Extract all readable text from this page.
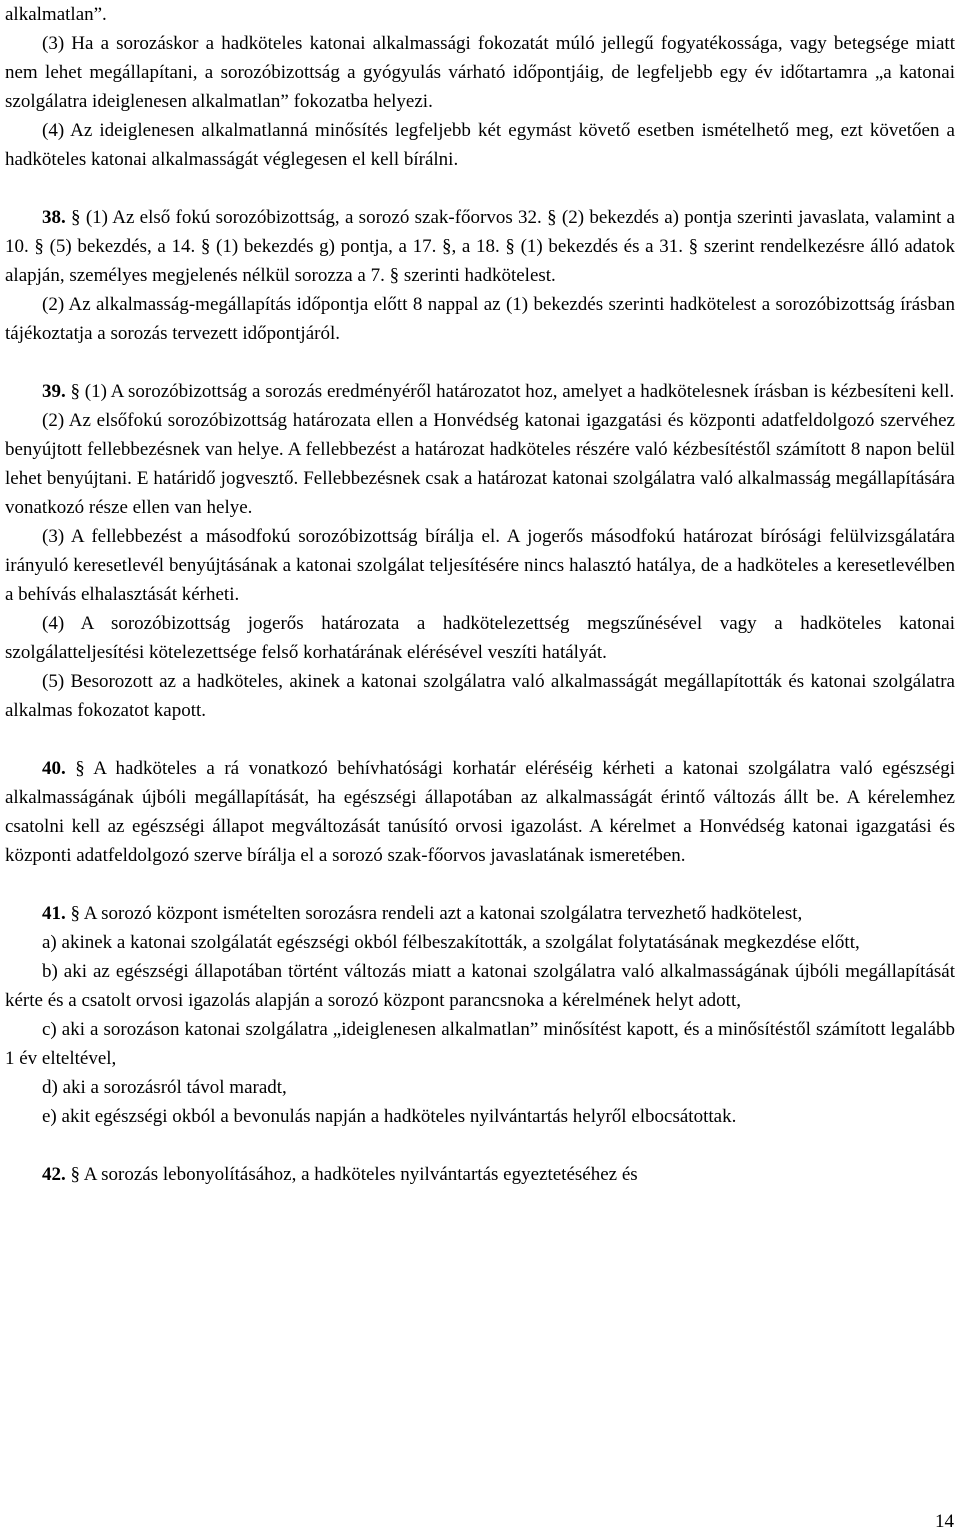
alkalmatlan”.

(3) Ha a sorozáskor a hadköteles katonai alkalmassági fokozatát múló jellegű fogyatékossága, vagy betegsége miatt nem lehet megállapítani, a sorozóbizottság a gyógyulás várható időpontjáig, de legfeljebb egy év időtartamra „a katonai szolgálatra ideiglenesen alkalmatlan” fokozatba helyezi.

(4) Az ideiglenesen alkalmatlanná minősítés legfeljebb két egymást követő esetben ismételhető meg, ezt követően a hadköteles katonai alkalmasságát véglegesen el kell bírálni.

38. § (1) Az első fokú sorozóbizottság, a sorozó szak-főorvos 32. § (2) bekezdés a) pontja szerinti javaslata, valamint a 10. § (5) bekezdés, a 14. § (1) bekezdés g) pontja, a 17. §, a 18. § (1) bekezdés és a 31. § szerint rendelkezésre álló adatok alapján, személyes megjelenés nélkül sorozza a 7. § szerinti hadkötelest.

(2) Az alkalmasság-megállapítás időpontja előtt 8 nappal az (1) bekezdés szerinti hadkötelest a sorozóbizottság írásban tájékoztatja a sorozás tervezett időpontjáról.

39. § (1) A sorozóbizottság a sorozás eredményéről határozatot hoz, amelyet a hadkötelesnek írásban is kézbesíteni kell.

(2) Az elsőfokú sorozóbizottság határozata ellen a Honvédség katonai igazgatási és központi adatfeldolgozó szervéhez benyújtott fellebbezésnek van helye. A fellebbezést a határozat hadköteles részére való kézbesítéstől számított 8 napon belül lehet benyújtani. E határidő jogvesztő. Fellebbezésnek csak a határozat katonai szolgálatra való alkalmasság megállapítására vonatkozó része ellen van helye.

(3) A fellebbezést a másodfokú sorozóbizottság bírálja el. A jogerős másodfokú határozat bírósági felülvizsgálatára irányuló keresetlevél benyújtásának a katonai szolgálat teljesítésére nincs halasztó hatálya, de a hadköteles a keresetlevélben a behívás elhalasztását kérheti.

(4) A sorozóbizottság jogerős határozata a hadkötelezettség megszűnésével vagy a hadköteles katonai szolgálatteljesítési kötelezettsége felső korhatárának elérésével veszíti hatályát.

(5) Besorozott az a hadköteles, akinek a katonai szolgálatra való alkalmasságát megállapították és katonai szolgálatra alkalmas fokozatot kapott.

40. § A hadköteles a rá vonatkozó behívhatósági korhatár eléréséig kérheti a katonai szolgálatra való egészségi alkalmasságának újbóli megállapítását, ha egészségi állapotában az alkalmasságát érintő változás állt be. A kérelemhez csatolni kell az egészségi állapot megváltozását tanúsító orvosi igazolást. A kérelmet a Honvédség katonai igazgatási és központi adatfeldolgozó szerve bírálja el a sorozó szak-főorvos javaslatának ismeretében.

41. § A sorozó központ ismételten sorozásra rendeli azt a katonai szolgálatra tervezhető hadkötelest,

a) akinek a katonai szolgálatát egészségi okból félbeszakították, a szolgálat folytatásának megkezdése előtt,

b) aki az egészségi állapotában történt változás miatt a katonai szolgálatra való alkalmasságának újbóli megállapítását kérte és a csatolt orvosi igazolás alapján a sorozó központ parancsnoka a kérelmének helyt adott,

c) aki a sorozáson katonai szolgálatra „ideiglenesen alkalmatlan” minősítést kapott, és a minősítéstől számított legalább 1 év elteltével,

d) aki a sorozásról távol maradt,

e) akit egészségi okból a bevonulás napján a hadköteles nyilvántartás helyről elbocsátottak.

42. § A sorozás lebonyolításához, a hadköteles nyilvántartás egyeztetéséhez és

14
